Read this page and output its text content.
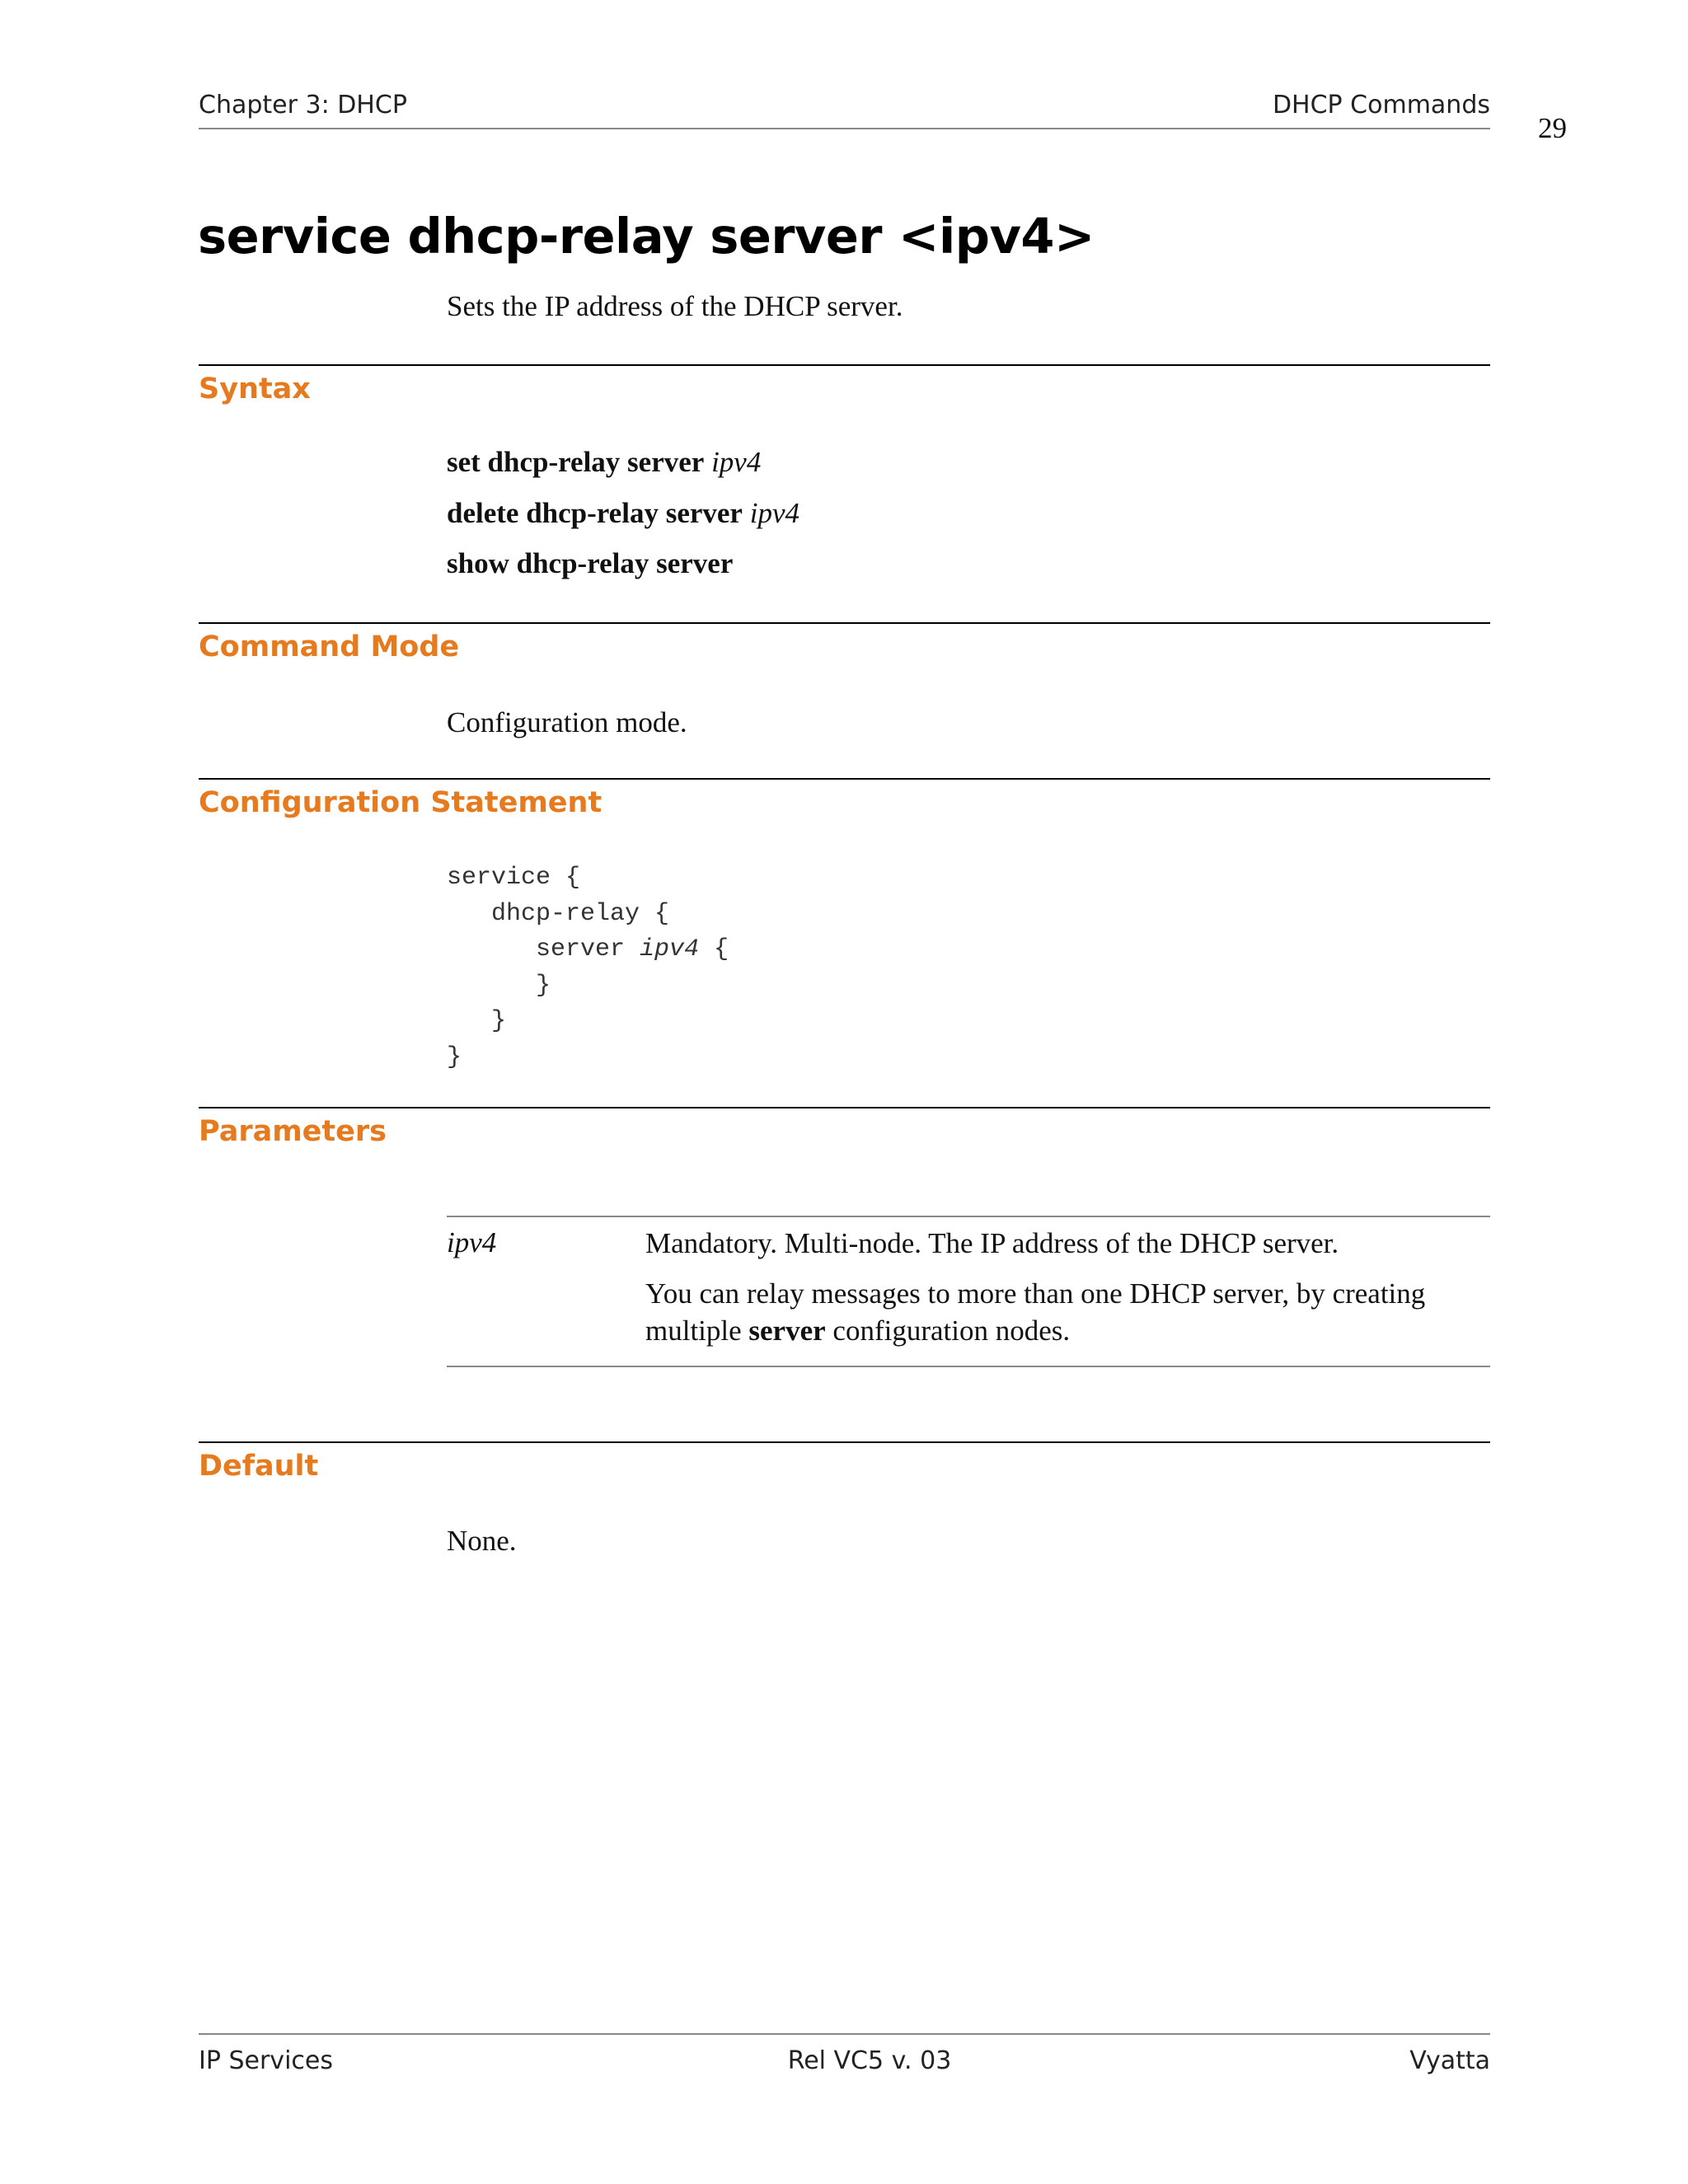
Chapter 3: DHCP	DHCP Commands
29
service dhcp-relay server <ipv4>
Sets the IP address of the DHCP server.
Syntax
set dhcp-relay server ipv4
delete dhcp-relay server ipv4
show dhcp-relay server
Command Mode
Configuration mode.
Configuration Statement
service {
dhcp-relay {
server ipv4 {
}
}
}
Parameters
ipv4	Mandatory. Multi-node. The IP address of the DHCP server.
You can relay messages to more than one DHCP server, by creating multiple server configuration nodes.
Default
None.
IP Services	Rel VC5 v. 03	Vyatta
